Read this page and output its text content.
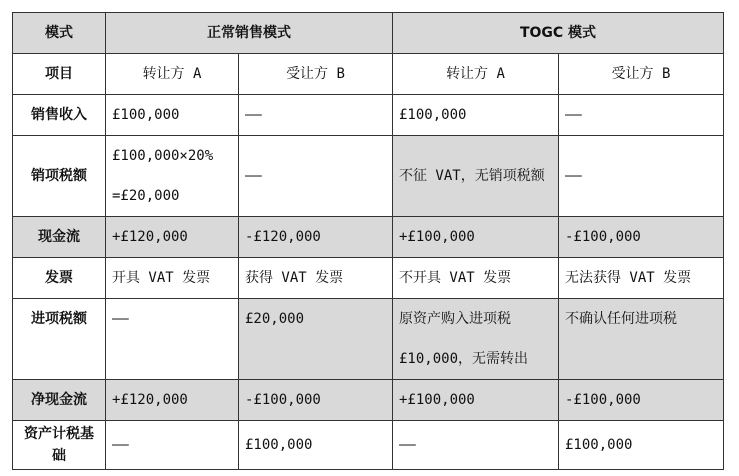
模式	正常销售模式		TOGC 模式	
项目	转让方 A	受让方 B	转让方 A	受让方 B
销售收入	£100,000	——	£100,000	——
销项税额	£100,000×20% =£20,000	——	不征 VAT，无销项税额	——
现金流	+£120,000	-£120,000	+£100,000	-£100,000
发票	开具 VAT 发票	获得 VAT 发票	不开具 VAT 发票	无法获得 VAT 发票
进项税额	——	£20,000	原资产购入进项税 £10,000，无需转出	不确认任何进项税
净现金流	+£120,000	-£100,000	+£100,000	-£100,000
资产计税基础	——	£100,000	——	£100,000
